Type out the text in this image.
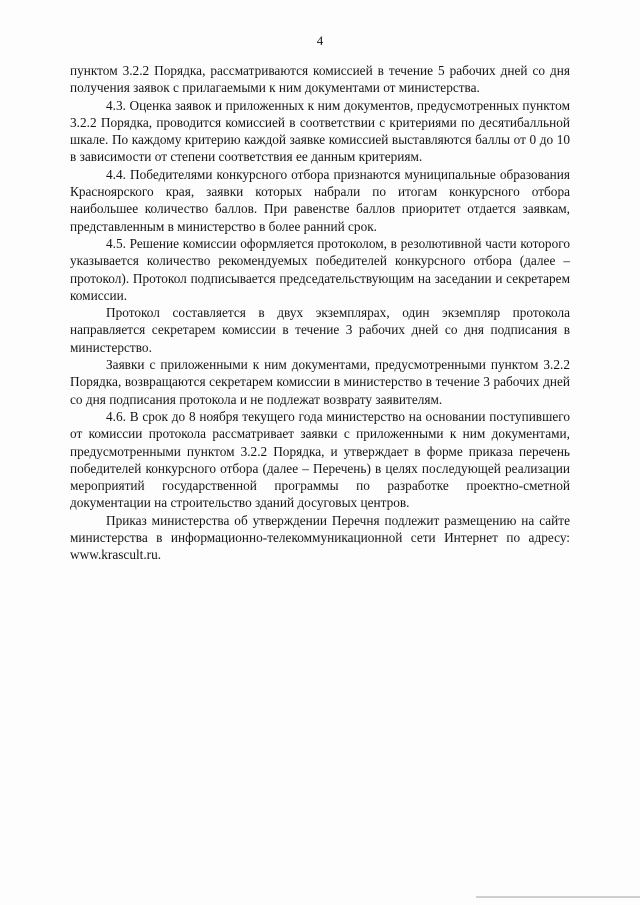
4

пунктом 3.2.2 Порядка, рассматриваются комиссией в течение 5 рабочих дней со дня получения заявок с прилагаемыми к ним документами от министерства.

4.3. Оценка заявок и приложенных к ним документов, предусмотренных пунктом 3.2.2 Порядка, проводится комиссией в соответствии с критериями по десятибалльной шкале. По каждому критерию каждой заявке комиссией выставляются баллы от 0 до 10 в зависимости от степени соответствия ее данным критериям.

4.4. Победителями конкурсного отбора признаются муниципальные образования Красноярского края, заявки которых набрали по итогам конкурсного отбора наибольшее количество баллов. При равенстве баллов приоритет отдается заявкам, представленным в министерство в более ранний срок.

4.5. Решение комиссии оформляется протоколом, в резолютивной части которого указывается количество рекомендуемых победителей конкурсного отбора (далее – протокол). Протокол подписывается председательствующим на заседании и секретарем комиссии.

Протокол составляется в двух экземплярах, один экземпляр протокола направляется секретарем комиссии в течение 3 рабочих дней со дня подписания в министерство.

Заявки с приложенными к ним документами, предусмотренными пунктом 3.2.2 Порядка, возвращаются секретарем комиссии в министерство в течение 3 рабочих дней со дня подписания протокола и не подлежат возврату заявителям.

4.6. В срок до 8 ноября текущего года министерство на основании поступившего от комиссии протокола рассматривает заявки с приложенными к ним документами, предусмотренными пунктом 3.2.2 Порядка, и утверждает в форме приказа перечень победителей конкурсного отбора (далее – Перечень) в целях последующей реализации мероприятий государственной программы по разработке проектно-сметной документации на строительство зданий досуговых центров.

Приказ министерства об утверждении Перечня подлежит размещению на сайте министерства в информационно-телекоммуникационной сети Интернет по адресу: www.krascult.ru.
